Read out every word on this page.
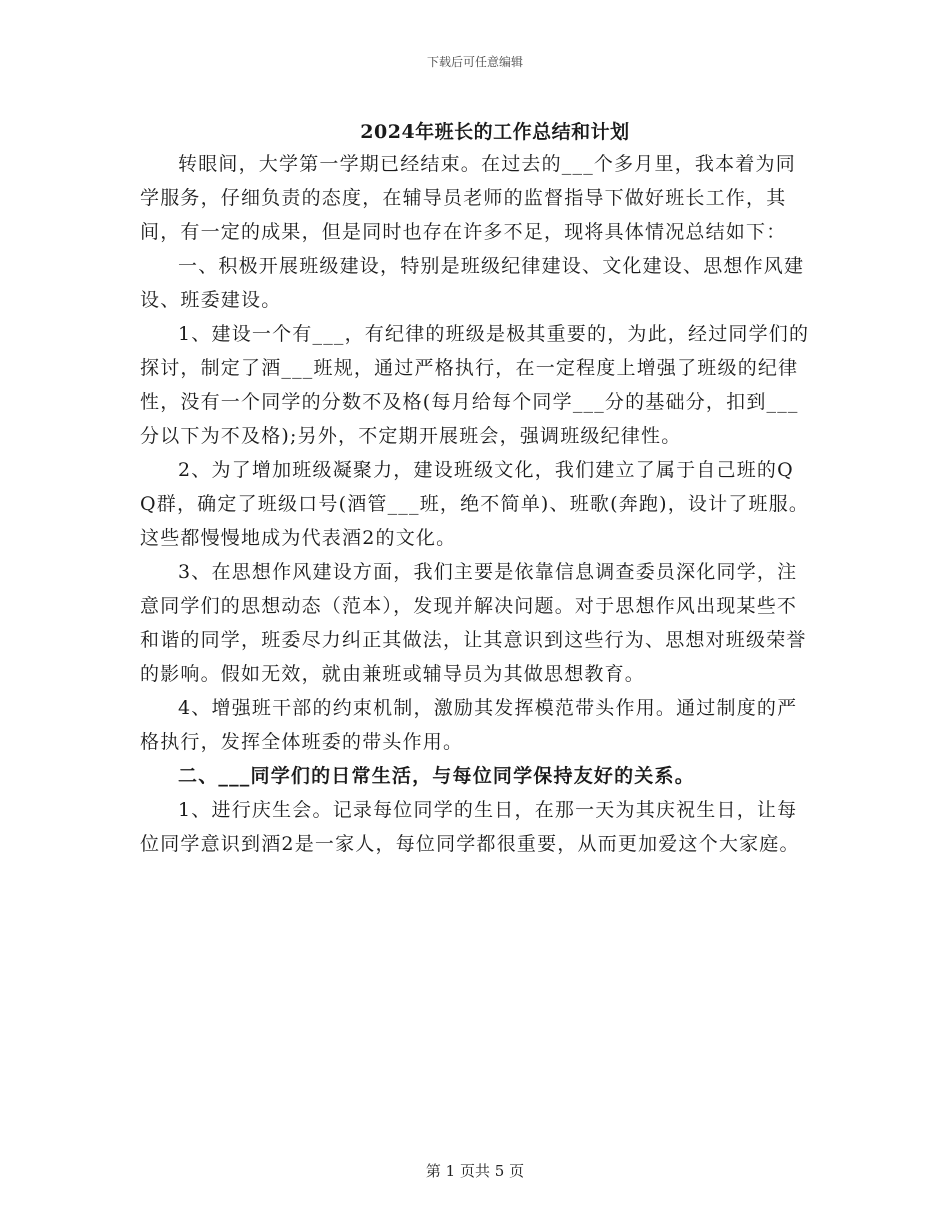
下载后可任意编辑
2024年班长的工作总结和计划

转眼间，大学第一学期已经结束。在过去的___个多月里，我本着为同学服务，仔细负责的态度，在辅导员老师的监督指导下做好班长工作，其间，有一定的成果，但是同时也存在许多不足，现将具体情况总结如下：

一、积极开展班级建设，特别是班级纪律建设、文化建设、思想作风建设、班委建设。

1、建设一个有___，有纪律的班级是极其重要的，为此，经过同学们的探讨，制定了酒___班规，通过严格执行，在一定程度上增强了班级的纪律性，没有一个同学的分数不及格(每月给每个同学___分的基础分，扣到___分以下为不及格);另外，不定期开展班会，强调班级纪律性。

2、为了增加班级凝聚力，建设班级文化，我们建立了属于自己班的QQ群，确定了班级口号(酒管___班，绝不简单)、班歌(奔跑)，设计了班服。这些都慢慢地成为代表酒2的文化。

3、在思想作风建设方面，我们主要是依靠信息调查委员深化同学，注意同学们的思想动态（范本），发现并解决问题。对于思想作风出现某些不和谐的同学，班委尽力纠正其做法，让其意识到这些行为、思想对班级荣誉的影响。假如无效，就由兼班或辅导员为其做思想教育。

4、增强班干部的约束机制，激励其发挥模范带头作用。通过制度的严格执行，发挥全体班委的带头作用。

二、___同学们的日常生活，与每位同学保持友好的关系。

1、进行庆生会。记录每位同学的生日，在那一天为其庆祝生日，让每位同学意识到酒2是一家人，每位同学都很重要，从而更加爱这个大家庭。

第 1 页共 5 页
